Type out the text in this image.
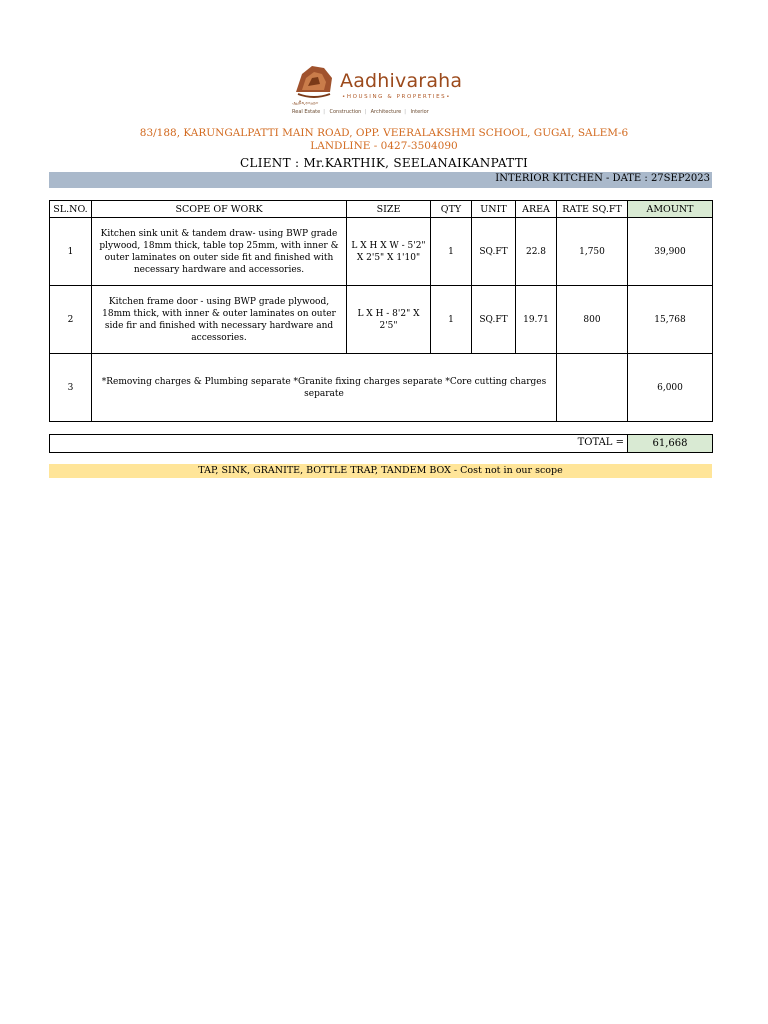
Aadhivaraha
•HOUSING & PROPERTIES•
ஆதிவராஹா
Real Estate | Construction | Architecture | Interior
83/188, KARUNGALPATTI MAIN ROAD, OPP. VEERALAKSHMI SCHOOL, GUGAI, SALEM-6
LANDLINE - 0427-3504090
CLIENT : Mr.KARTHIK, SEELANAIKANPATTI
INTERIOR KITCHEN - DATE : 27SEP2023
SL.NO.	SCOPE OF WORK	SIZE	QTY	UNIT	AREA	RATE SQ.FT	AMOUNT
1	Kitchen sink unit & tandem draw- using BWP grade plywood, 18mm thick, table top 25mm, with inner & outer laminates on outer side fit and finished with necessary hardware and accessories.	L X H X W - 5'2" X 2'5" X 1'10"	1	SQ.FT	22.8	1,750	39,900
2	Kitchen frame door - using BWP grade plywood, 18mm thick, with inner & outer laminates on outer side fir and finished with necessary hardware and accessories.	L X H - 8'2" X 2'5"	1	SQ.FT	19.71	800	15,768
3	*Removing charges & Plumbing separate *Granite fixing charges separate *Core cutting charges separate						6,000
TOTAL =	61,668
TAP, SINK, GRANITE, BOTTLE TRAP, TANDEM BOX - Cost not in our scope
